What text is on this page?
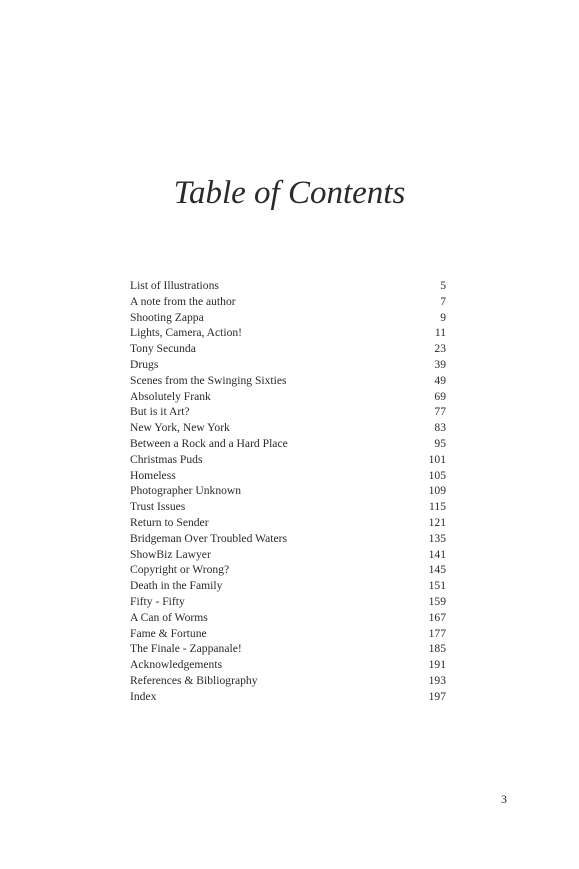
Table of Contents
List of Illustrations	5
A note from the author	7
Shooting Zappa	9
Lights, Camera, Action!	11
Tony Secunda	23
Drugs	39
Scenes from the Swinging Sixties	49
Absolutely Frank	69
But is it Art?	77
New York, New York	83
Between a Rock and a Hard Place	95
Christmas Puds	101
Homeless	105
Photographer Unknown	109
Trust Issues	115
Return to Sender	121
Bridgeman Over Troubled Waters	135
ShowBiz Lawyer	141
Copyright or Wrong?	145
Death in the Family	151
Fifty - Fifty	159
A Can of Worms	167
Fame & Fortune	177
The Finale - Zappanale!	185
Acknowledgements	191
References & Bibliography	193
Index	197
3
